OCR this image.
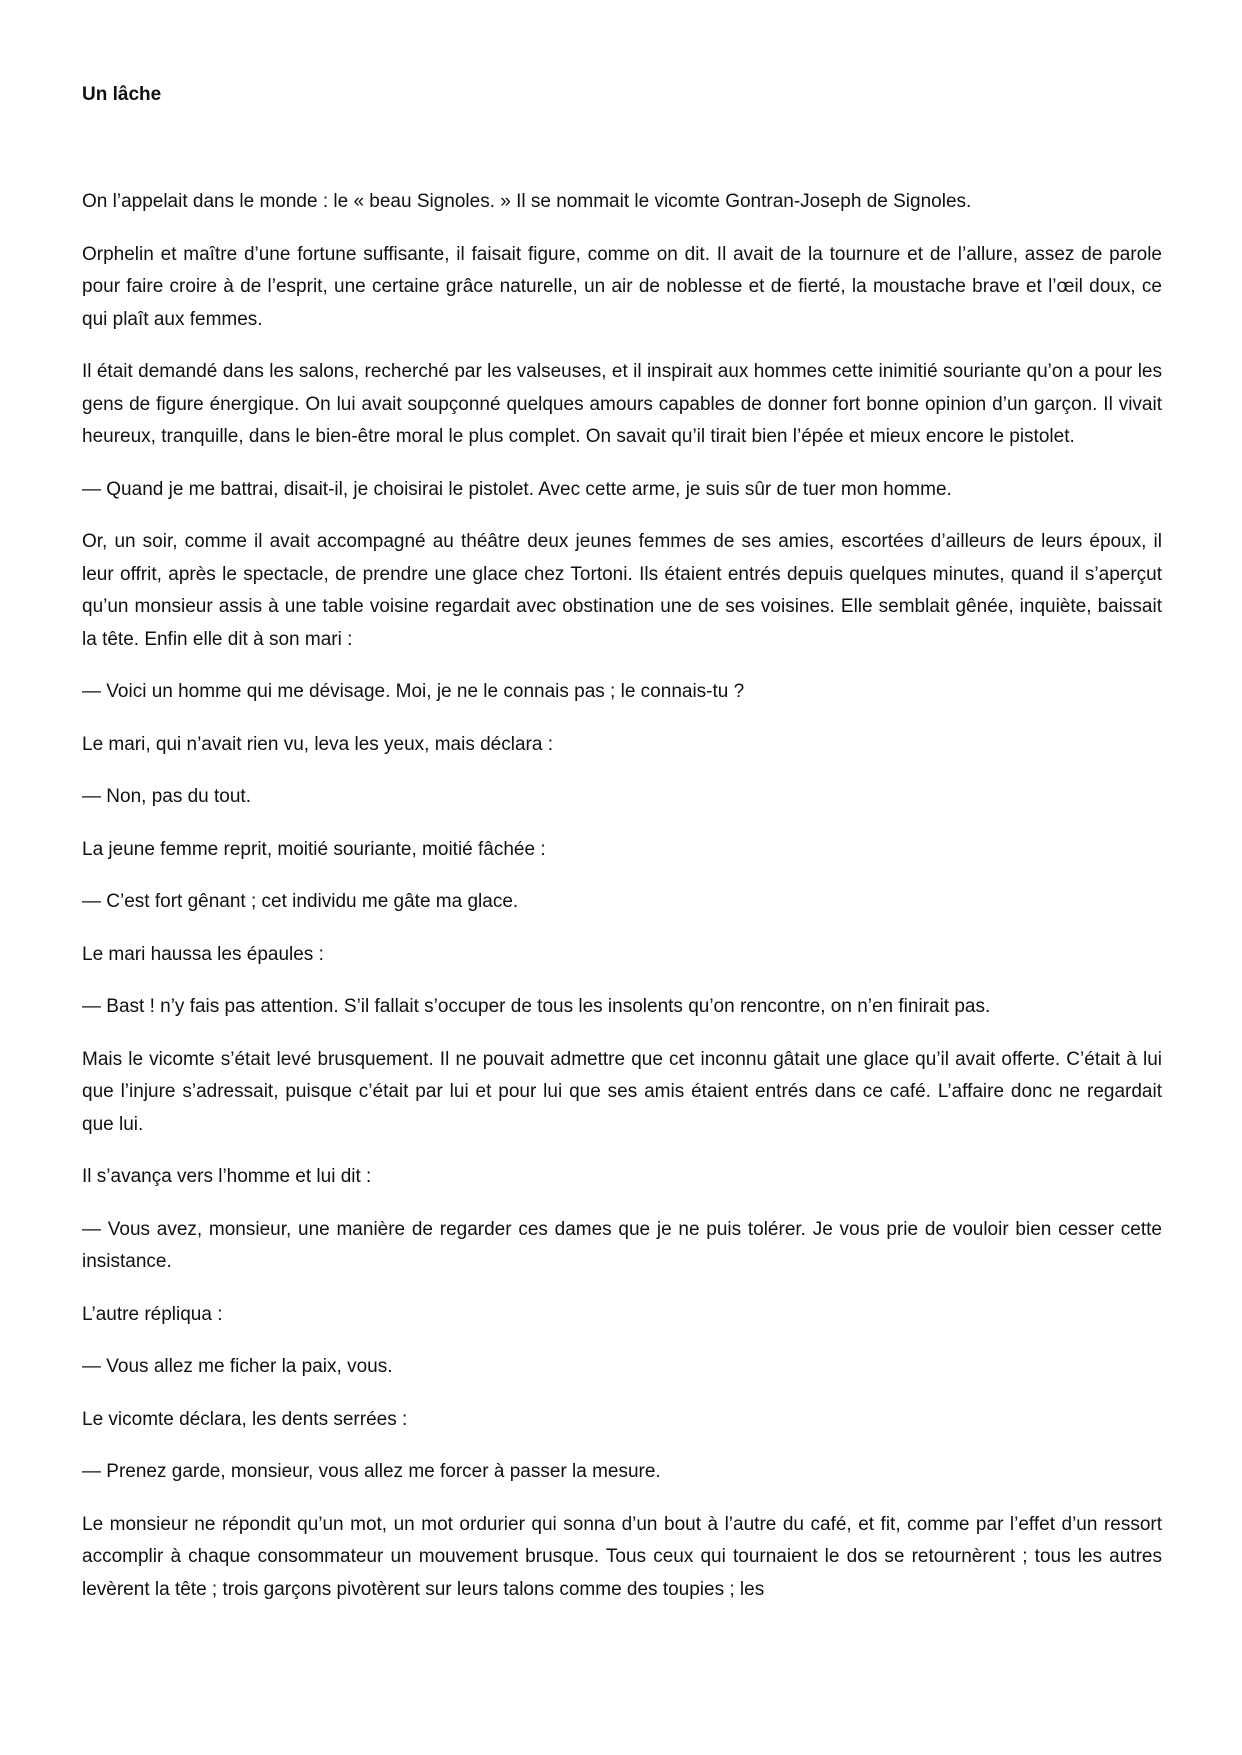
Un lâche

On l’appelait dans le monde : le « beau Signoles. » Il se nommait le vicomte Gontran-Joseph de Signoles.

Orphelin et maître d’une fortune suffisante, il faisait figure, comme on dit. Il avait de la tournure et de l’allure, assez de parole pour faire croire à de l’esprit, une certaine grâce naturelle, un air de noblesse et de fierté, la moustache brave et l’œil doux, ce qui plaît aux femmes.

Il était demandé dans les salons, recherché par les valseuses, et il inspirait aux hommes cette inimitié souriante qu’on a pour les gens de figure énergique. On lui avait soupçonné quelques amours capables de donner fort bonne opinion d’un garçon. Il vivait heureux, tranquille, dans le bien-être moral le plus complet. On savait qu’il tirait bien l’épée et mieux encore le pistolet.

— Quand je me battrai, disait-il, je choisirai le pistolet. Avec cette arme, je suis sûr de tuer mon homme.

Or, un soir, comme il avait accompagné au théâtre deux jeunes femmes de ses amies, escortées d’ailleurs de leurs époux, il leur offrit, après le spectacle, de prendre une glace chez Tortoni. Ils étaient entrés depuis quelques minutes, quand il s’aperçut qu’un monsieur assis à une table voisine regardait avec obstination une de ses voisines. Elle semblait gênée, inquiète, baissait la tête. Enfin elle dit à son mari :

— Voici un homme qui me dévisage. Moi, je ne le connais pas ; le connais-tu ?

Le mari, qui n’avait rien vu, leva les yeux, mais déclara :

— Non, pas du tout.

La jeune femme reprit, moitié souriante, moitié fâchée :

— C’est fort gênant ; cet individu me gâte ma glace.

Le mari haussa les épaules :

— Bast ! n’y fais pas attention. S’il fallait s’occuper de tous les insolents qu’on rencontre, on n’en finirait pas.

Mais le vicomte s’était levé brusquement. Il ne pouvait admettre que cet inconnu gâtait une glace qu’il avait offerte. C’était à lui que l’injure s’adressait, puisque c’était par lui et pour lui que ses amis étaient entrés dans ce café. L’affaire donc ne regardait que lui.

Il s’avança vers l’homme et lui dit :

— Vous avez, monsieur, une manière de regarder ces dames que je ne puis tolérer. Je vous prie de vouloir bien cesser cette insistance.

L’autre répliqua :

— Vous allez me ficher la paix, vous.

Le vicomte déclara, les dents serrées :

— Prenez garde, monsieur, vous allez me forcer à passer la mesure.

Le monsieur ne répondit qu’un mot, un mot ordurier qui sonna d’un bout à l’autre du café, et fit, comme par l’effet d’un ressort accomplir à chaque consommateur un mouvement brusque. Tous ceux qui tournaient le dos se retournèrent ; tous les autres levèrent la tête ; trois garçons pivotèrent sur leurs talons comme des toupies ; les
